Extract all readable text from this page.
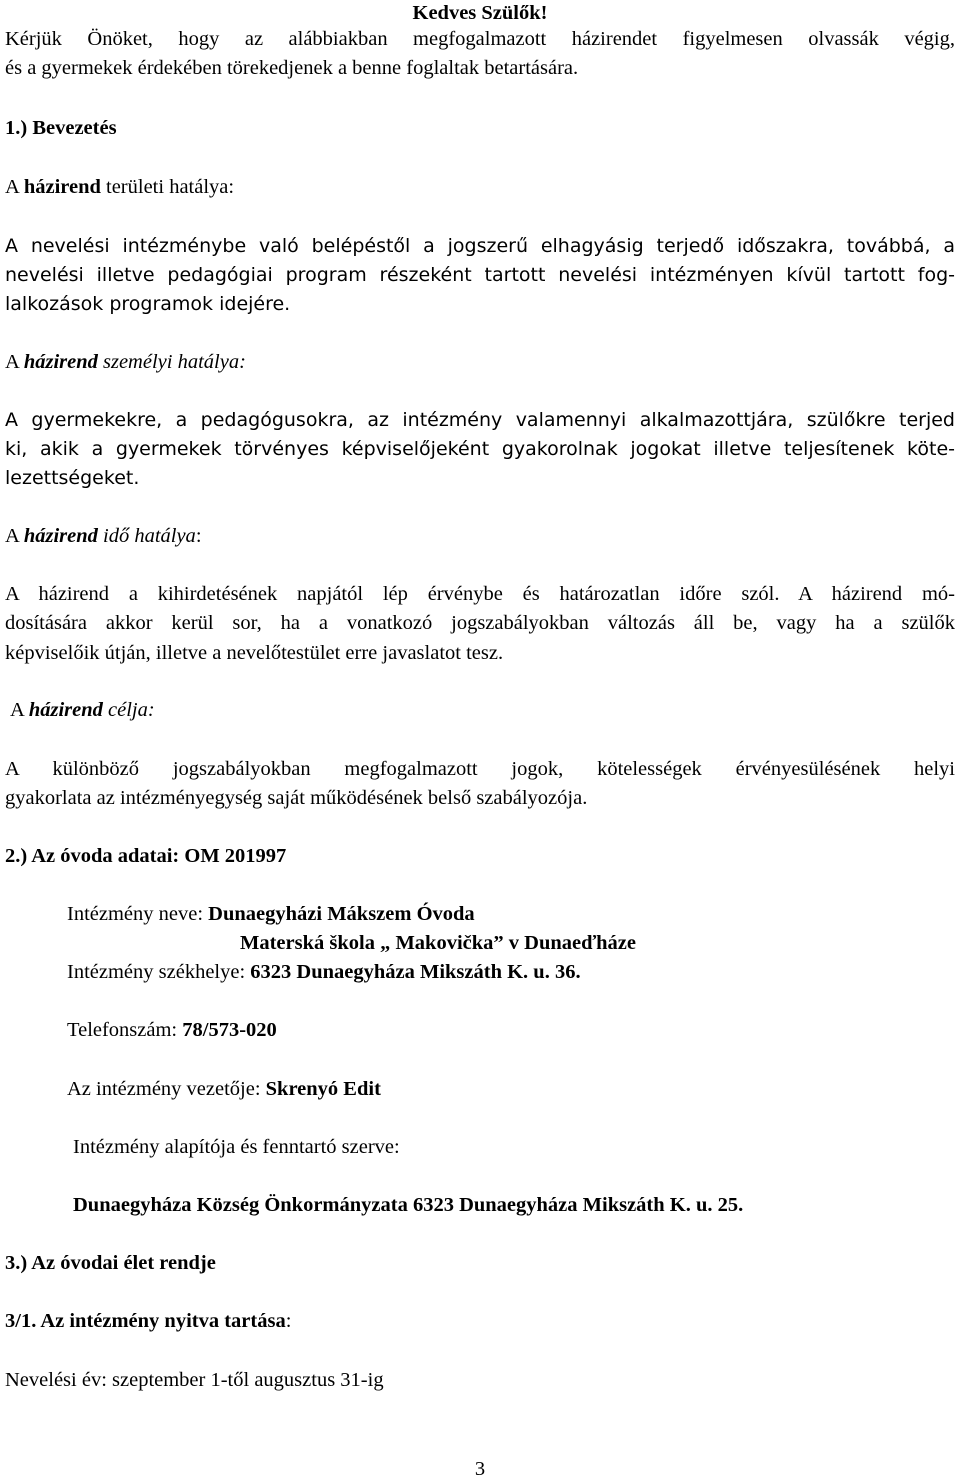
Kedves Szülők!
Kérjük Önöket, hogy az alábbiakban megfogalmazott házirendet figyelmesen olvassák végig,
és a gyermekek érdekében törekedjenek a benne foglaltak betartására.
1.) Bevezetés
A házirend területi hatálya:
A nevelési intézménybe való belépéstől a jogszerű elhagyásig terjedő időszakra, továbbá, a
nevelési illetve pedagógiai program részeként tartott nevelési intézményen kívül tartott fog-
lalkozások programok idejére.
A házirend személyi hatálya:
A gyermekekre, a pedagógusokra, az intézmény valamennyi alkalmazottjára, szülőkre terjed
ki, akik a gyermekek törvényes képviselőjeként gyakorolnak jogokat illetve teljesítenek köte-
lezettségeket.
A házirend idő hatálya:
A házirend a kihirdetésének napjától lép érvénybe és határozatlan időre szól. A házirend mó-
dosítására akkor kerül sor, ha a vonatkozó jogszabályokban változás áll be, vagy ha a szülők
képviselőik útján, illetve a nevelőtestület erre javaslatot tesz.
A házirend célja:
A különböző jogszabályokban megfogalmazott jogok, kötelességek érvényesülésének helyi
gyakorlata az intézményegység saját működésének belső szabályozója.
2.) Az óvoda adatai: OM 201997
Intézmény neve: Dunaegyházi Mákszem Óvoda
Materská škola „ Makovička” v Dunaeďháze
Intézmény székhelye: 6323 Dunaegyháza Mikszáth K. u. 36.
Telefonszám: 78/573-020
Az intézmény vezetője: Skrenyó Edit
Intézmény alapítója és fenntartó szerve:
Dunaegyháza Község Önkormányzata 6323 Dunaegyháza Mikszáth K. u. 25.
3.) Az óvodai élet rendje
3/1. Az intézmény nyitva tartása:
Nevelési év: szeptember 1-től augusztus 31-ig
3
